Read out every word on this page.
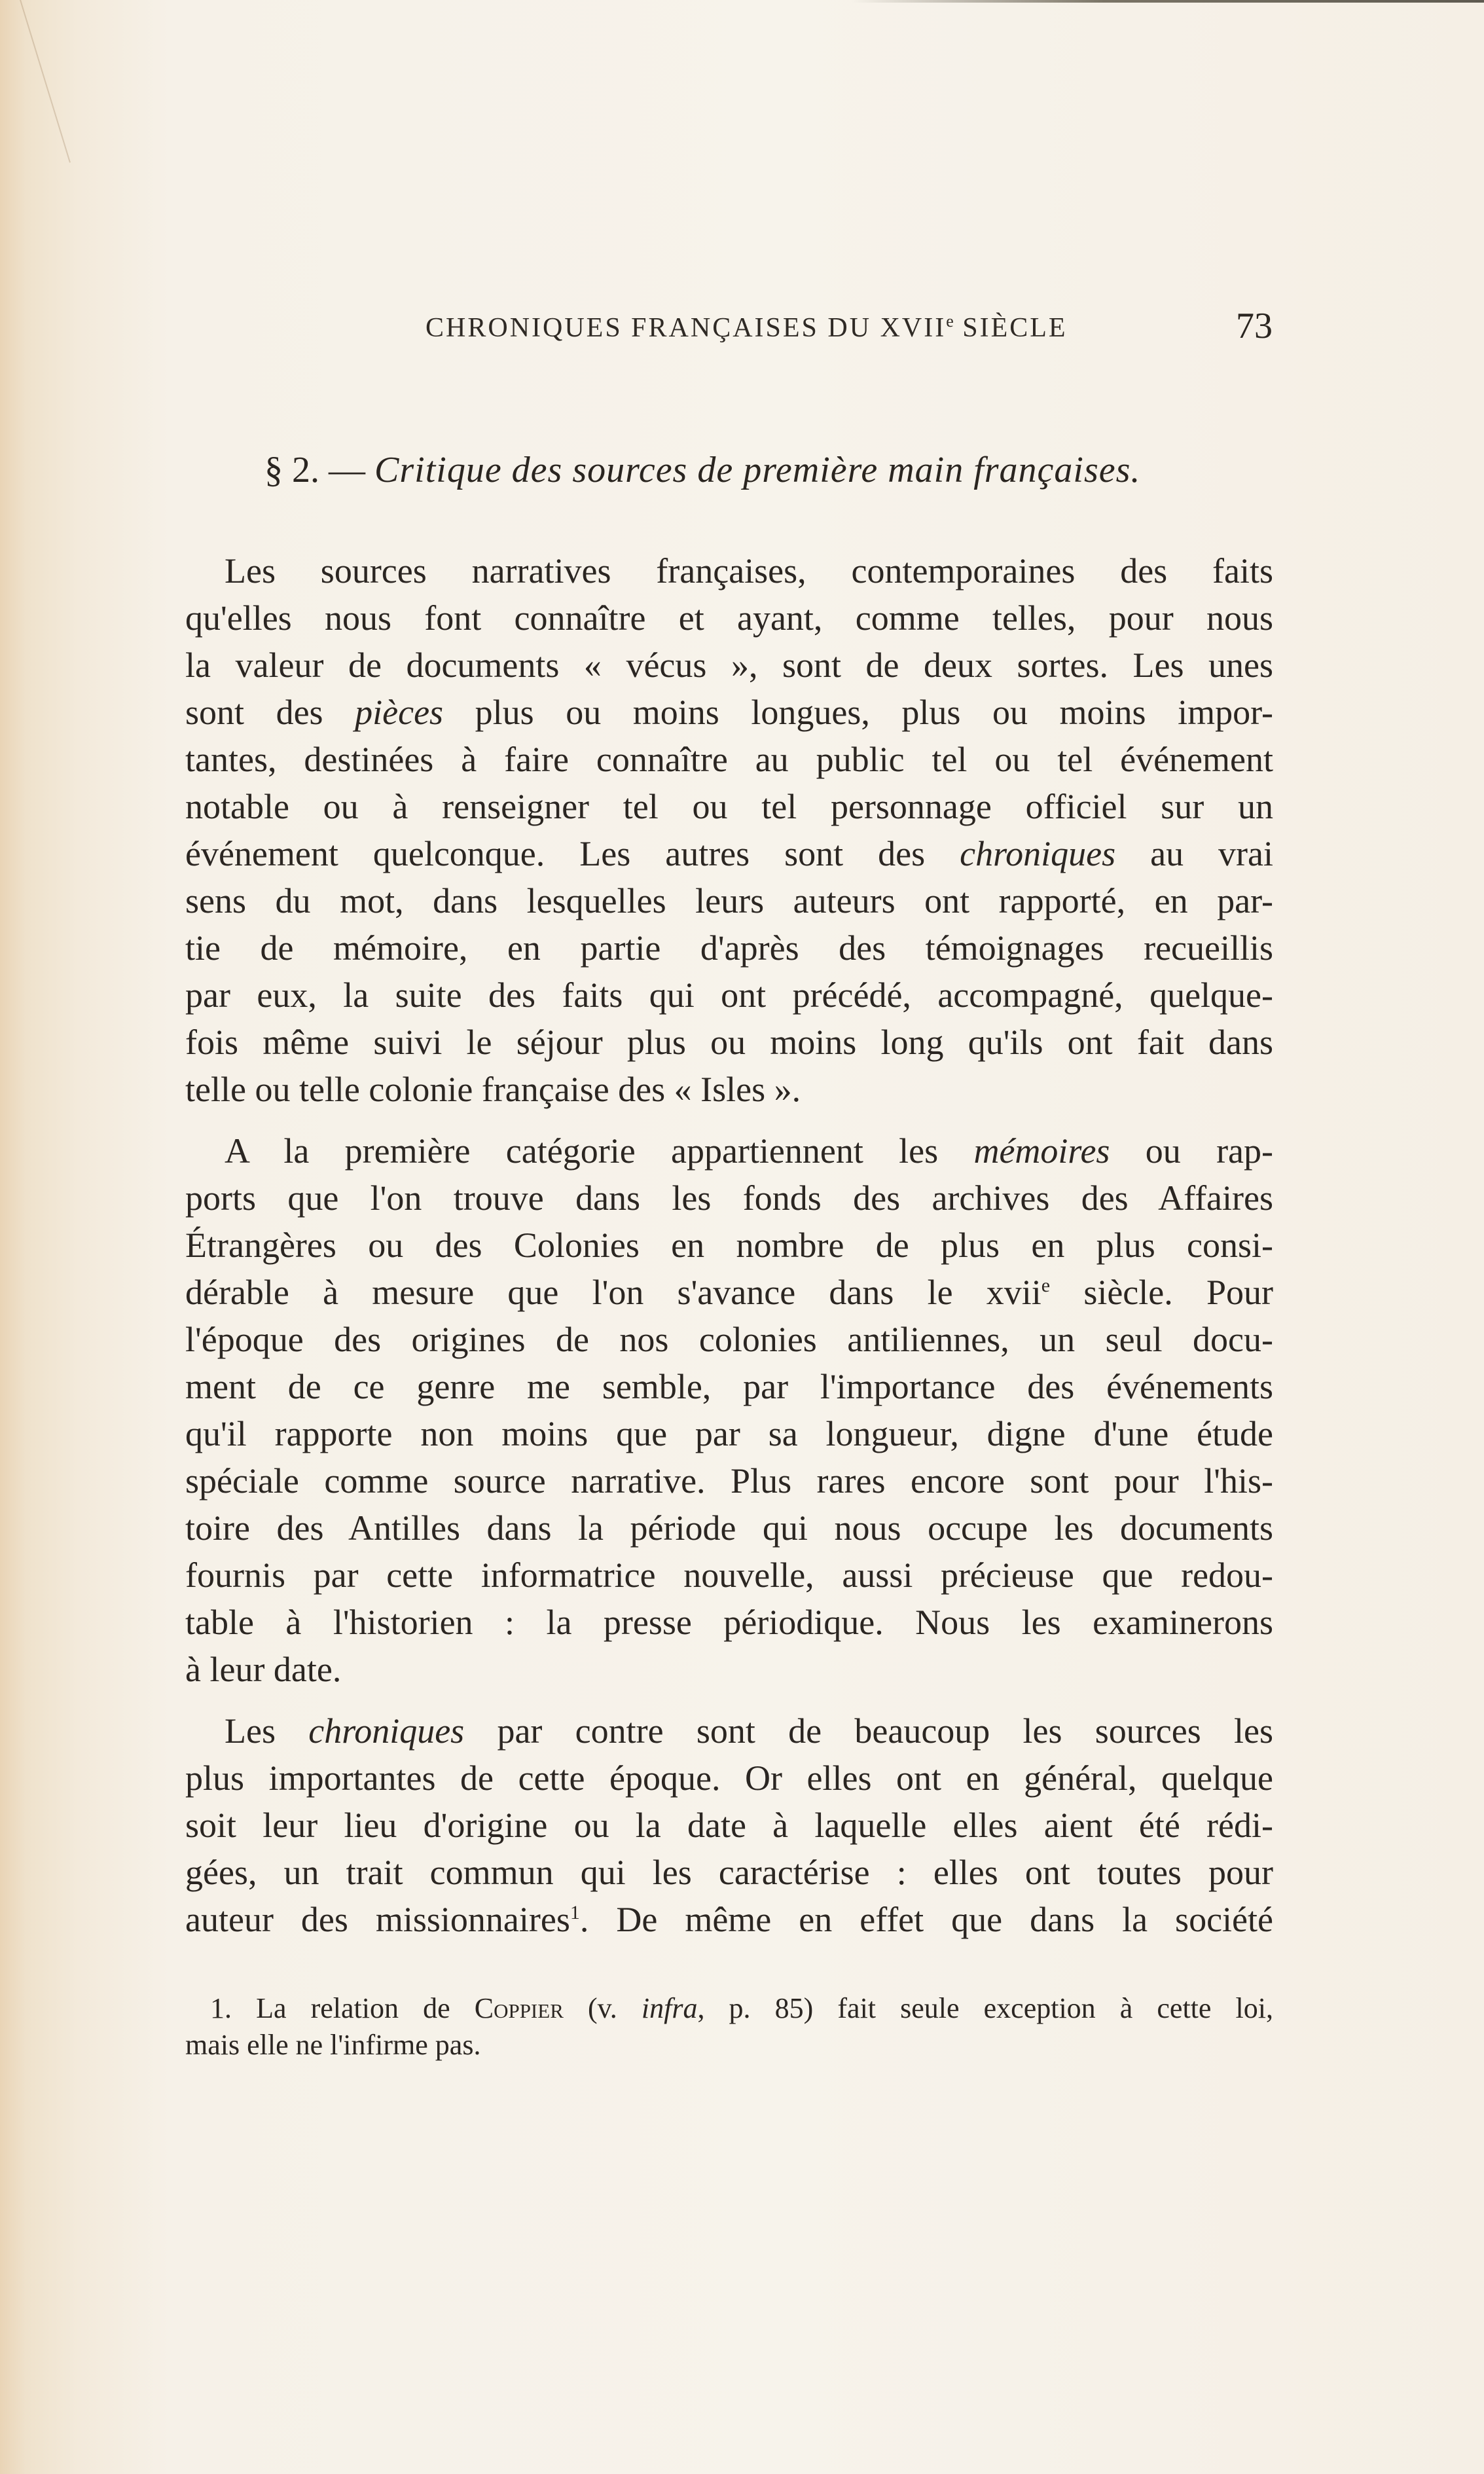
CHRONIQUES FRANÇAISES DU XVIIe SIÈCLE	73
§ 2. — Critique des sources de première main françaises.
Les sources narratives françaises, contemporaines des faits
qu'elles nous font connaître et ayant, comme telles, pour nous
la valeur de documents « vécus », sont de deux sortes. Les unes
sont des pièces plus ou moins longues, plus ou moins impor-
tantes, destinées à faire connaître au public tel ou tel événement
notable ou à renseigner tel ou tel personnage officiel sur un
événement quelconque. Les autres sont des chroniques au vrai
sens du mot, dans lesquelles leurs auteurs ont rapporté, en par-
tie de mémoire, en partie d'après des témoignages recueillis
par eux, la suite des faits qui ont précédé, accompagné, quelque-
fois même suivi le séjour plus ou moins long qu'ils ont fait dans
telle ou telle colonie française des « Isles ».
A la première catégorie appartiennent les mémoires ou rap-
ports que l'on trouve dans les fonds des archives des Affaires
Étrangères ou des Colonies en nombre de plus en plus consi-
dérable à mesure que l'on s'avance dans le xvii$^e$ siècle. Pour
l'époque des origines de nos colonies antiliennes, un seul docu-
ment de ce genre me semble, par l'importance des événements
qu'il rapporte non moins que par sa longueur, digne d'une étude
spéciale comme source narrative. Plus rares encore sont pour l'his-
toire des Antilles dans la période qui nous occupe les documents
fournis par cette informatrice nouvelle, aussi précieuse que redou-
table à l'historien : la presse périodique. Nous les examinerons
à leur date.
Les chroniques par contre sont de beaucoup les sources les
plus importantes de cette époque. Or elles ont en général, quelque
soit leur lieu d'origine ou la date à laquelle elles aient été rédi-
gées, un trait commun qui les caractérise : elles ont toutes pour
auteur des missionnaires$^1$. De même en effet que dans la société
1. La relation de Coppier (v. infra, p. 85) fait seule exception à cette loi,
mais elle ne l'infirme pas.
